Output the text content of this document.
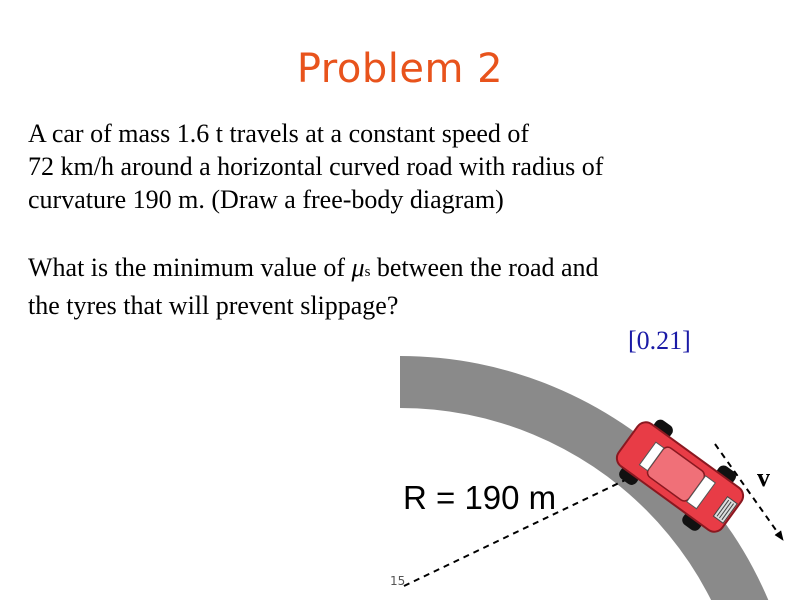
Problem 2
A car of mass 1.6 t travels at a constant speed of
72 km/h around a horizontal curved road with radius of
curvature 190 m. (Draw a free-body diagram)
What is the minimum value of μs between the road and
the tyres that will prevent slippage?
[0.21]
R = 190 m
v
15
